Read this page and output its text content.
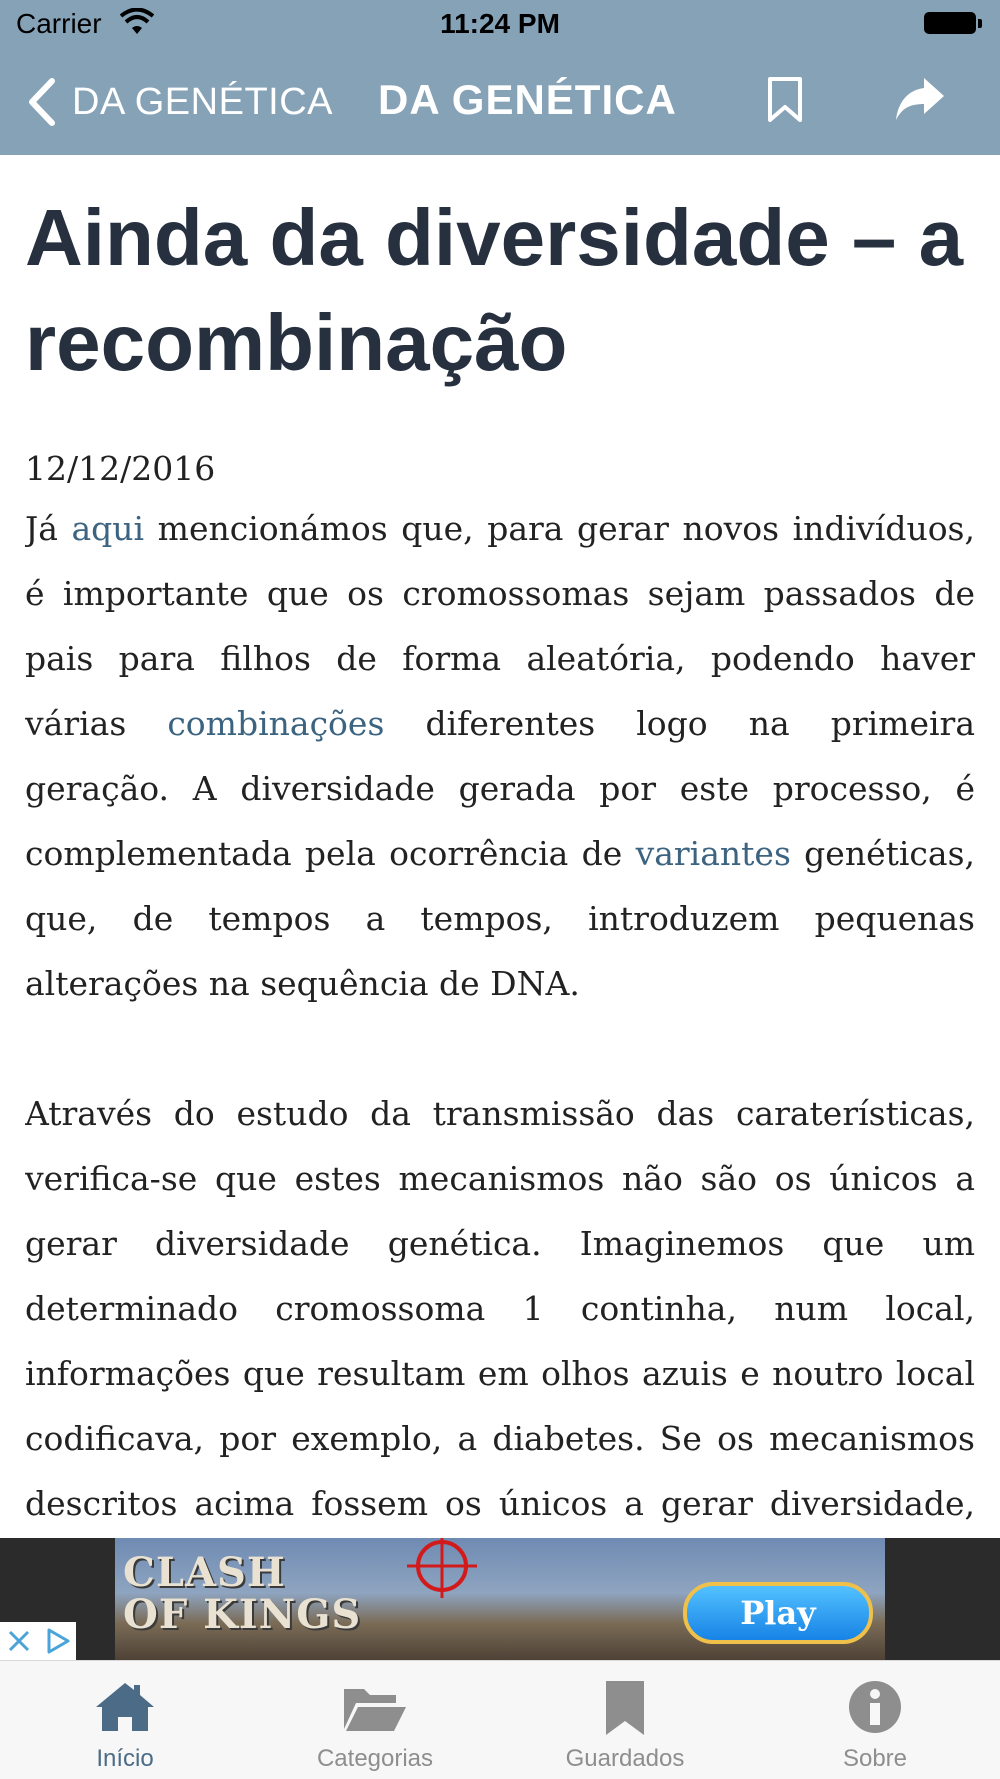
Carrier	11:24 PM
DA GENÉTICA DA GENÉTICA
Ainda da diversidade – a recombinação
12/12/2016

Já aqui mencionámos que, para gerar novos indivíduos, é importante que os cromossomas sejam passados de pais para filhos de forma aleatória, podendo haver várias combinações diferentes logo na primeira geração. A diversidade gerada por este processo, é complementada pela ocorrência de variantes genéticas, que, de tempos a tempos, introduzem pequenas alterações na sequência de DNA.

Através do estudo da transmissão das caraterísticas, verifica-se que estes mecanismos não são os únicos a gerar diversidade genética. Imaginemos que um determinado cromossoma 1 continha, num local, informações que resultam em olhos azuis e noutro local codificava, por exemplo, a diabetes. Se os mecanismos descritos acima fossem os únicos a gerar diversidade,

CLASH OF KINGS	Play
Início	Categorias	Guardados	Sobre
